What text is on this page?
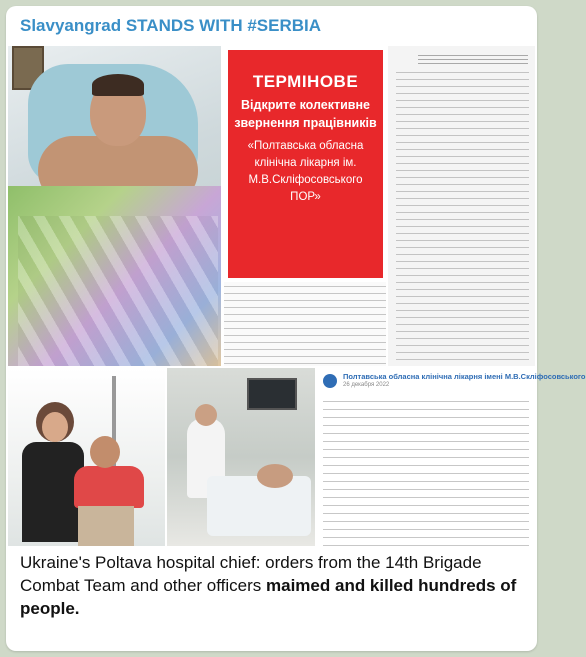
Slavyangrad STANDS WITH #SERBIA
ТЕРМІНОВЕ
Відкрите колективне звернення працівників
«Полтавська обласна клінічна лікарня ім. М.В.Скліфосовського ПОР»
Полтавська обласна клінічна лікарня імені М.В.Скліфосовського
26 декабря 2022
Ukraine's Poltava hospital chief: orders from the 14th Brigade Combat Team and other officers maimed and killed hundreds of people.
